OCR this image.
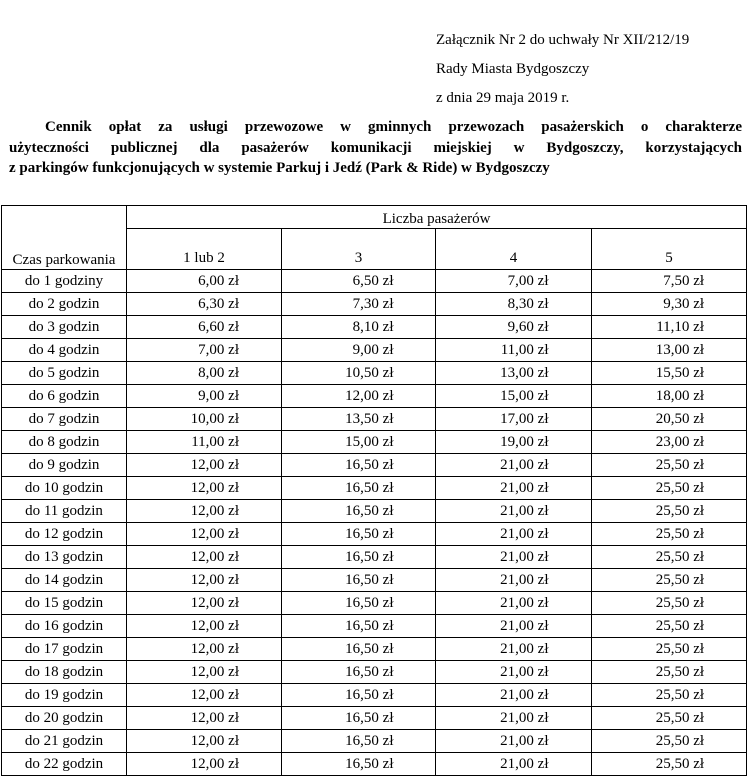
Załącznik Nr 2 do uchwały Nr XII/212/19
Rady Miasta Bydgoszczy
z dnia 29 maja 2019 r.
Cennik opłat za usługi przewozowe w gminnych przewozach pasażerskich o charakterze
użyteczności publicznej dla pasażerów komunikacji miejskiej w Bydgoszczy, korzystających
z parkingów funkcjonujących w systemie Parkuj i Jedź (Park & Ride) w Bydgoszczy
Czas parkowania	Liczba pasażerów			
	1 lub 2	3	4	5
do 1 godziny	6,00 zł	6,50 zł	7,00 zł	7,50 zł
do 2 godzin	6,30 zł	7,30 zł	8,30 zł	9,30 zł
do 3 godzin	6,60 zł	8,10 zł	9,60 zł	11,10 zł
do 4 godzin	7,00 zł	9,00 zł	11,00 zł	13,00 zł
do 5 godzin	8,00 zł	10,50 zł	13,00 zł	15,50 zł
do 6 godzin	9,00 zł	12,00 zł	15,00 zł	18,00 zł
do 7 godzin	10,00 zł	13,50 zł	17,00 zł	20,50 zł
do 8 godzin	11,00 zł	15,00 zł	19,00 zł	23,00 zł
do 9 godzin	12,00 zł	16,50 zł	21,00 zł	25,50 zł
do 10 godzin	12,00 zł	16,50 zł	21,00 zł	25,50 zł
do 11 godzin	12,00 zł	16,50 zł	21,00 zł	25,50 zł
do 12 godzin	12,00 zł	16,50 zł	21,00 zł	25,50 zł
do 13 godzin	12,00 zł	16,50 zł	21,00 zł	25,50 zł
do 14 godzin	12,00 zł	16,50 zł	21,00 zł	25,50 zł
do 15 godzin	12,00 zł	16,50 zł	21,00 zł	25,50 zł
do 16 godzin	12,00 zł	16,50 zł	21,00 zł	25,50 zł
do 17 godzin	12,00 zł	16,50 zł	21,00 zł	25,50 zł
do 18 godzin	12,00 zł	16,50 zł	21,00 zł	25,50 zł
do 19 godzin	12,00 zł	16,50 zł	21,00 zł	25,50 zł
do 20 godzin	12,00 zł	16,50 zł	21,00 zł	25,50 zł
do 21 godzin	12,00 zł	16,50 zł	21,00 zł	25,50 zł
do 22 godzin	12,00 zł	16,50 zł	21,00 zł	25,50 zł
